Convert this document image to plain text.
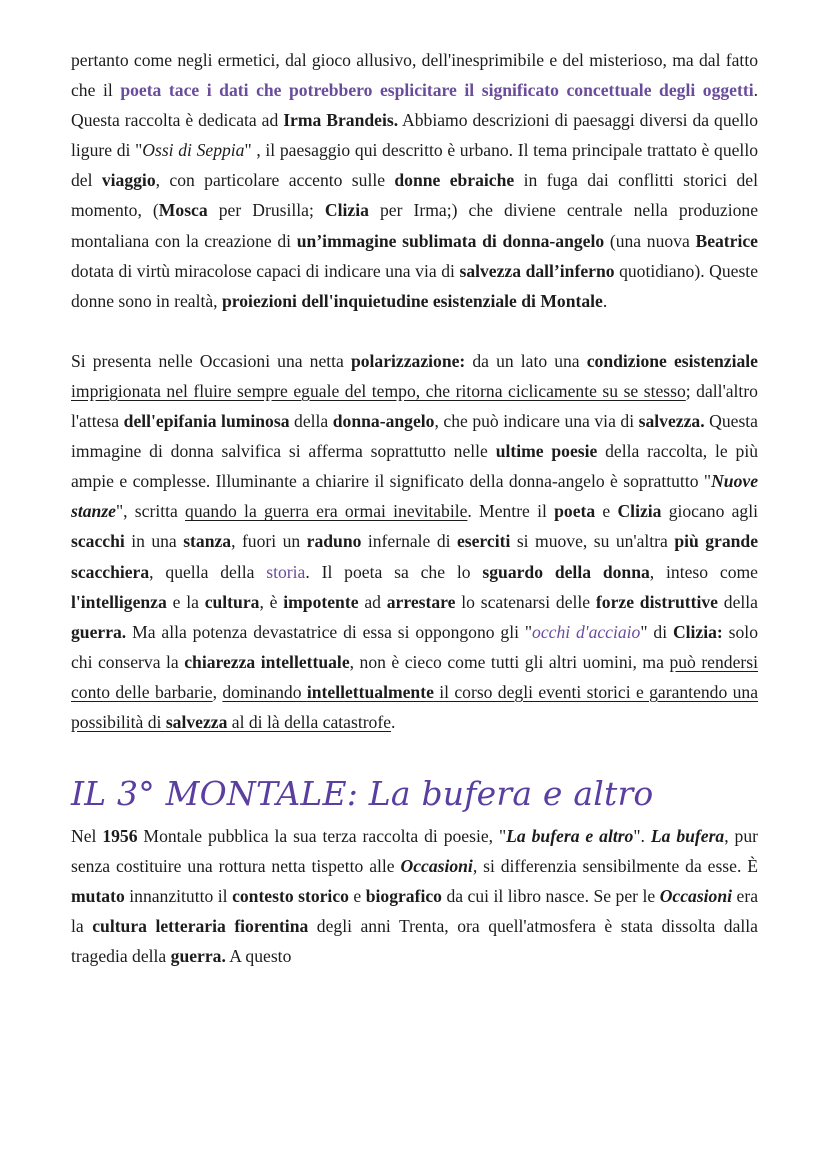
pertanto come negli ermetici, dal gioco allusivo, dell'inesprimibile e del misterioso, ma dal fatto che il poeta tace i dati che potrebbero esplicitare il significato concettuale degli oggetti. Questa raccolta è dedicata ad Irma Brandeis. Abbiamo descrizioni di paesaggi diversi da quello ligure di "Ossi di Seppia" , il paesaggio qui descritto è urbano. Il tema principale trattato è quello del viaggio, con particolare accento sulle donne ebraiche in fuga dai conflitti storici del momento, (Mosca per Drusilla; Clizia per Irma;) che diviene centrale nella produzione montaliana con la creazione di un’immagine sublimata di donna-angelo (una nuova Beatrice dotata di virtù miracolose capaci di indicare una via di salvezza dall’inferno quotidiano). Queste donne sono in realtà, proiezioni dell'inquietudine esistenziale di Montale.

Si presenta nelle Occasioni una netta polarizzazione: da un lato una condizione esistenziale imprigionata nel fluire sempre eguale del tempo, che ritorna ciclicamente su se stesso; dall'altro l'attesa dell'epifania luminosa della donna-angelo, che può indicare una via di salvezza. Questa immagine di donna salvifica si afferma soprattutto nelle ultime poesie della raccolta, le più ampie e complesse. Illuminante a chiarire il significato della donna-angelo è soprattutto "Nuove stanze", scritta quando la guerra era ormai inevitabile. Mentre il poeta e Clizia giocano agli scacchi in una stanza, fuori un raduno infernale di eserciti si muove, su un'altra più grande scacchiera, quella della storia. Il poeta sa che lo sguardo della donna, inteso come l'intelligenza e la cultura, è impotente ad arrestare lo scatenarsi delle forze distruttive della guerra. Ma alla potenza devastatrice di essa si oppongono gli "occhi d'acciaio" di Clizia: solo chi conserva la chiarezza intellettuale, non è cieco come tutti gli altri uomini, ma può rendersi conto delle barbarie, dominando intellettualmente il corso degli eventi storici e garantendo una possibilità di salvezza al di là della catastrofe.

IL 3° MONTALE: La bufera e altro

Nel 1956 Montale pubblica la sua terza raccolta di poesie, "La bufera e altro". La bufera, pur senza costituire una rottura netta tispetto alle Occasioni, si differenzia sensibilmente da esse. È mutato innanzitutto il contesto storico e biografico da cui il libro nasce. Se per le Occasioni era la cultura letteraria fiorentina degli anni Trenta, ora quell'atmosfera è stata dissolta dalla tragedia della guerra. A questo
